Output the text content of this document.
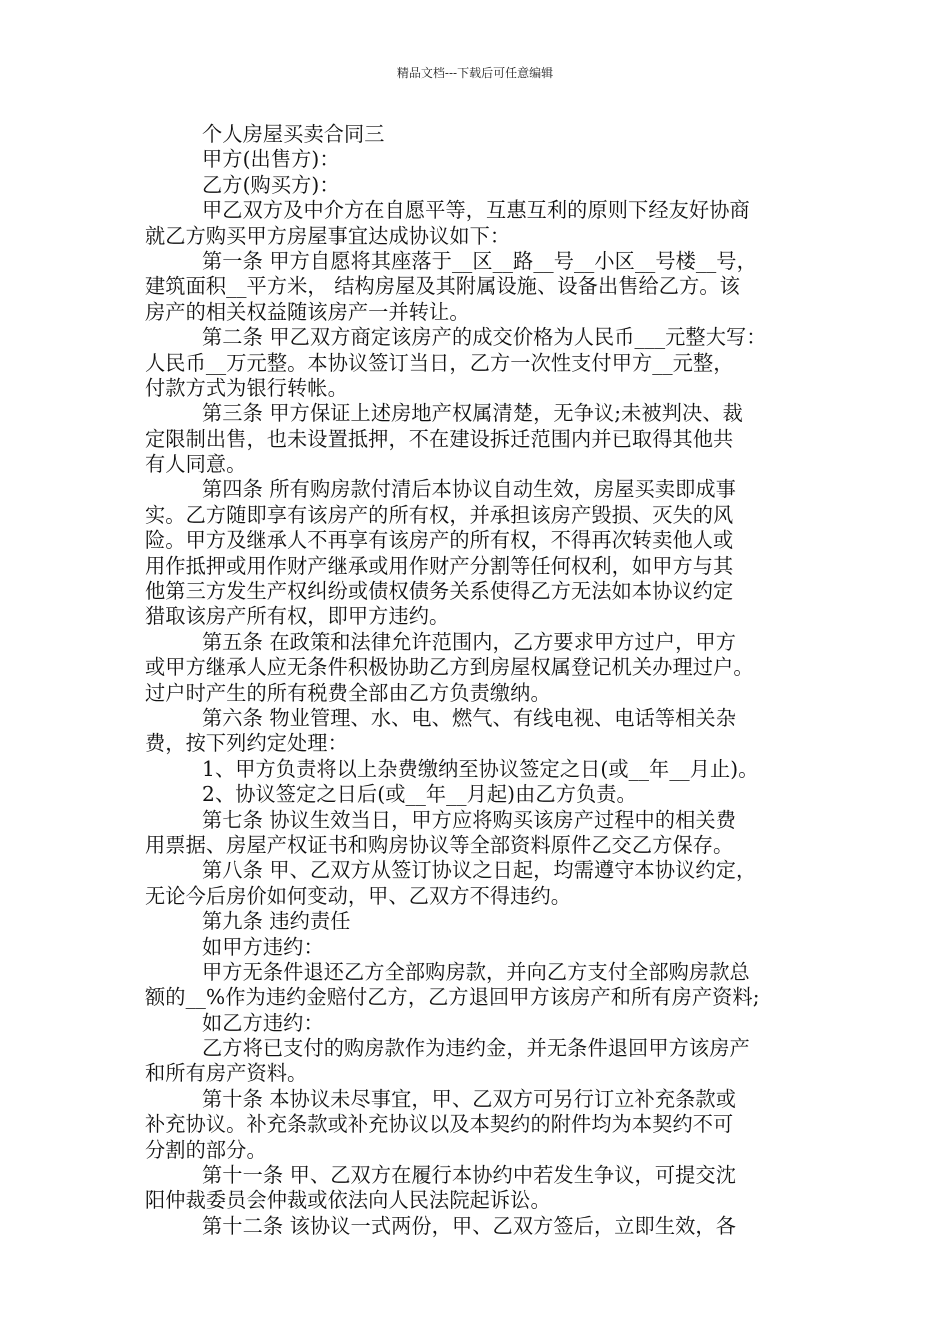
精品文档---下载后可任意编辑
个人房屋买卖合同三
甲方(出售方)：
乙方(购买方)：
甲乙双方及中介方在自愿平等，互惠互利的原则下经友好协商
就乙方购买甲方房屋事宜达成协议如下：
第一条 甲方自愿将其座落于__区__路__号__小区__号楼__号，
建筑面积__平方米， 结构房屋及其附属设施、设备出售给乙方。该
房产的相关权益随该房产一并转让。
第二条 甲乙双方商定该房产的成交价格为人民币___元整大写：
人民币__万元整。本协议签订当日，乙方一次性支付甲方__元整，
付款方式为银行转帐。
第三条 甲方保证上述房地产权属清楚，无争议;未被判决、裁
定限制出售，也未设置抵押，不在建设拆迁范围内并已取得其他共
有人同意。
第四条 所有购房款付清后本协议自动生效，房屋买卖即成事
实。乙方随即享有该房产的所有权，并承担该房产毁损、灭失的风
险。甲方及继承人不再享有该房产的所有权，不得再次转卖他人或
用作抵押或用作财产继承或用作财产分割等任何权利，如甲方与其
他第三方发生产权纠纷或债权债务关系使得乙方无法如本协议约定
猎取该房产所有权，即甲方违约。
第五条 在政策和法律允许范围内，乙方要求甲方过户，甲方
或甲方继承人应无条件积极协助乙方到房屋权属登记机关办理过户。
过户时产生的所有税费全部由乙方负责缴纳。
第六条 物业管理、水、电、燃气、有线电视、电话等相关杂
费，按下列约定处理：
1、甲方负责将以上杂费缴纳至协议签定之日(或__年__月止)。
2、协议签定之日后(或__年__月起)由乙方负责。
第七条 协议生效当日，甲方应将购买该房产过程中的相关费
用票据、房屋产权证书和购房协议等全部资料原件乙交乙方保存。
第八条 甲、乙双方从签订协议之日起，均需遵守本协议约定，
无论今后房价如何变动，甲、乙双方不得违约。
第九条 违约责任
如甲方违约：
甲方无条件退还乙方全部购房款，并向乙方支付全部购房款总
额的__%作为违约金赔付乙方，乙方退回甲方该房产和所有房产资料;
如乙方违约：
乙方将已支付的购房款作为违约金，并无条件退回甲方该房产
和所有房产资料。
第十条 本协议未尽事宜，甲、乙双方可另行订立补充条款或
补充协议。补充条款或补充协议以及本契约的附件均为本契约不可
分割的部分。
第十一条 甲、乙双方在履行本协约中若发生争议，可提交沈
阳仲裁委员会仲裁或依法向人民法院起诉讼。
第十二条 该协议一式两份，甲、乙双方签后，立即生效，各
